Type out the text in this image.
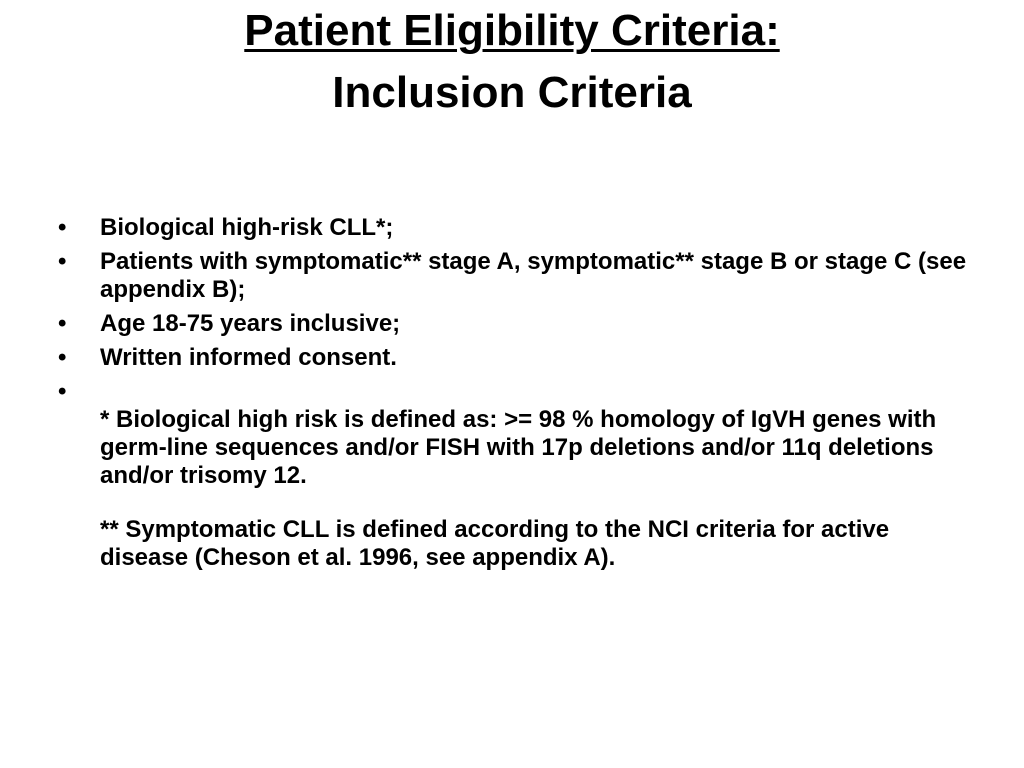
Patient Eligibility Criteria:
Inclusion Criteria
•	Biological high-risk CLL*;
•	Patients with symptomatic** stage A, symptomatic** stage B or stage C (see appendix B);
•	Age 18-75 years inclusive;
•	Written informed consent.
•
* Biological high risk is defined as: >= 98 % homology of IgVH genes with germ-line sequences and/or FISH with 17p deletions and/or 11q deletions and/or trisomy 12.
** Symptomatic CLL is defined according to the NCI criteria for active disease (Cheson et al. 1996, see appendix A).
